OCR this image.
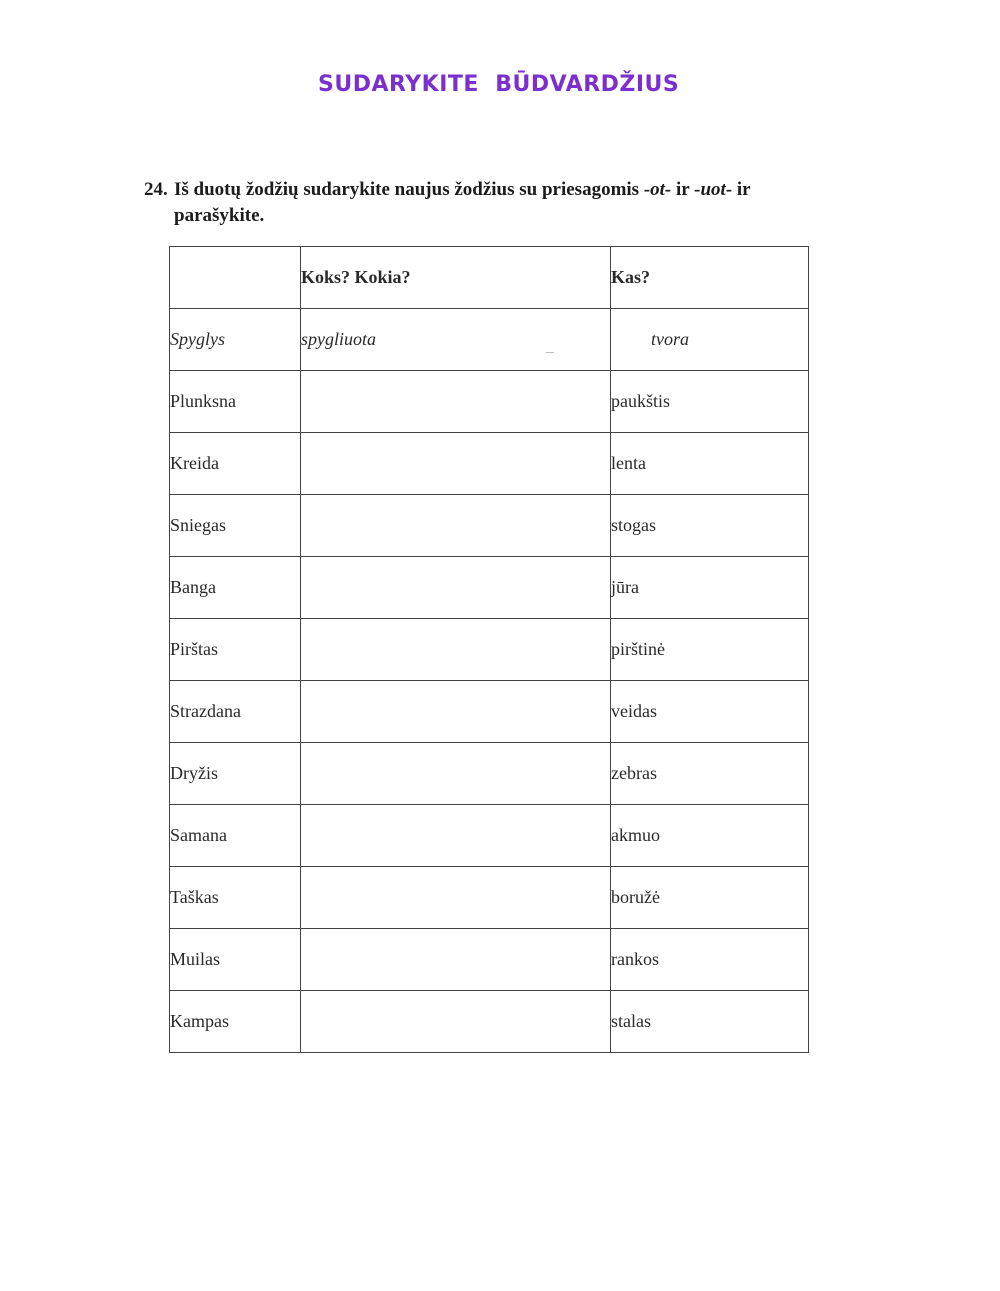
SUDARYKITE  BŪDVARDŽIUS
24. Iš duotų žodžių sudarykite naujus žodžius su priesagomis -ot- ir -uot- ir
parašykite.
	Koks? Kokia?	Kas?
Spyglys	spygliuota	tvora
Plunksna		paukštis
Kreida		lenta
Sniegas		stogas
Banga		jūra
Pirštas		pirštinė
Strazdana		veidas
Dryžis		zebras
Samana		akmuo
Taškas		boružė
Muilas		rankos
Kampas		stalas
